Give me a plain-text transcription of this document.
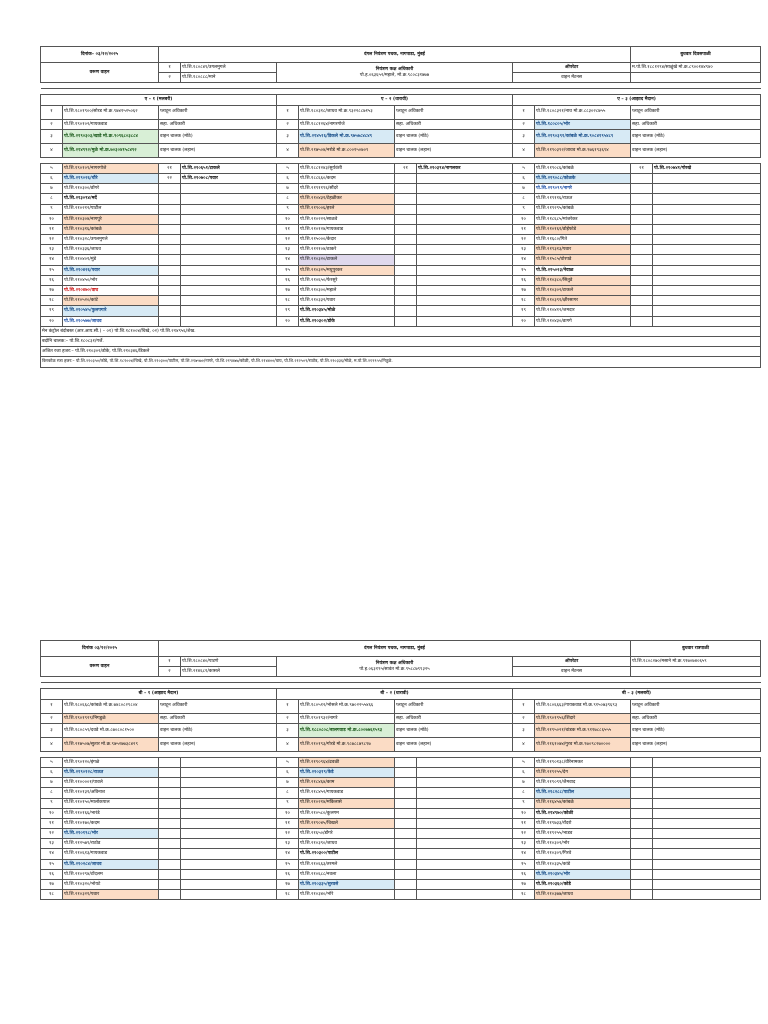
दिनांक– ०३/१२/२०२५		दंगल नियंत्रण पथक, नागपाडा, मुंबई								बुधवार दिवसपाळी	
वरूण वाहन		१	पो.शि.१८०८४९/उगलमुगले	नियंत्रण कक्ष अधिकारी
पो.ह.०६३६५२/महाले, मो.क्र.९८०८३१७७७				ऑपरेटर		म.पो.शि.१८८१२९४/साळुंखे मो.क्र.८९००१४४९४०	
		२	पो.शि.१८०८८८/माने					वाहन मेंटनस			

ए – १ (मलबरी)				ए – २ (धारावी)				ए – ३ (आझाद मैदान)			
१	पो.शि.१८०१९००/सोरड मो.क्र.९७४१५२५०६२	प्लाटून अधिकारी		१	पो.शि.१८०३१८/जाधव मो.क्र.९३२२८८७१५३	प्लाटून अधिकारी		१	पो.शि.१८०८३२१/नाथ मो.क्र.८८३०२८७५५	प्लाटून अधिकारी	
२	पो.शि.१९०१०२/गायकवाड	सहा. अधिकारी		२	पो.शि.१८८१२६४/नागरगोजे	सहा. अधिकारी		२	पो.शि.१८०८०५/भोर	सहा. अधिकारी	
३	पो.शि.२१९०३०३/खाडे मो.क्र.९०९६८०३८८४	वाहन चालक (मोठे)		३	पो.शि.२१४५१६/डिकले मो.क्र.९७५७८४८४९	वाहन चालक (मोठे)		३	पो.शि.२१९०३९१/कांबळे मो.क्र.९०८४१९५४८९	वाहन चालक (मोठे)	
४	पो.शि.२१४९९२/मुळे मो.क्र.७०३०४१५८४९२	वाहन चालक (लहान)		४	पो.शि.२१७५०४/नरोडे मो.क्र.८००१५०७०९	वाहन चालक (लहान)		४	पो.शि.२१९०३९२/जाधव मो.क्र.९७६१९३६९४	वाहन चालक (लहान)	

५	पो.शि.१९०१०९/नागरगोजे	२१	पो.शि.२१०६५१/टाकले	५	पो.शि.१८८१२४३/सुर्यवंशी	२१	पो.शि.२१०३९४/नागलकर	५	पो.शि.२१९०८६/कांबळे	२१	पो.शि.२१०७४१/गोरखे
६	पो.शि.२१९०२६/चौरे	२२	पो.शि.२१०७०८/पवार	६	पो.शि.१८८६६०/कदम			६	पो.शि.२१९०८८/कोळके		
७	पो.शि.२१०३००/डोंगरे			७	पो.शि.२१९११९६/सौंदरे			७	पो.शि.२१९०९९/नागरे		
८	पो.शि.२१३०९४/मर्दे			८	पो.शि.२१०४३१/टेहळीकर			८	पो.शि.२१९११६/राऊत		
९	पो.शि.२१०२१२/पाटील			९	पो.शि.२१९००६/हरले			९	पो.शि.२१९२९५/कांबळे		
१०	पो.शि.२१०३०४/नागपुरे			१०	पो.शि.२१०२२२/साळवे			१०	पो.शि.२१८६८५/मांजरेकर		
११	पो.शि.२१०३१६/कांबळे			११	पो.शि.२१०१२४/गायकवाड			११	पो.शि.२१०१६१/डोईफोडे		
१२	पो.शि.२१०३२८/उगलमुगले			१२	पो.शि.२१५०००/केदार			१२	पो.शि.२१६८०/गिते		
१३	पो.शि.२१०३३६/जाधव			१३	पो.शि.२१२१०४/ठाकरे			१३	पो.शि.२१९३१३/पवार		
१४	पो.शि.२१०४०१/मुंडे			१४	पो.शि.२१०३२०/टाकले			१४	पो.शि.२१५८५/घोरपडे		
१५	पो.शि.२१०४२६/पवार			१५	पो.शि.२१०३२५/मधुपुरकर			१५	पो.शि.२१५०२३/नेवाळ		
१६	पो.शि.२१०४५०/भोर			१६	पो.शि.२१०६५०/फेरसुरे			१६	पो.शि.२१०३८०/सितुडे		
१७	पो.शि.२१०४७०/वाघ			१७	पो.शि.२१०३००/महाले			१७	पो.शि.२१०३०२/टाकले		
१८	पो.शि.२१०५२०/कांटे			१८	पो.शि.२१०३३२/पवार			१८	पो.शि.२१०३९१/क्षीरसागर		
१९	पो.शि.२१०५४५/फुलपगारे			१९	पो.शि.२१०३४५/मोळे			१९	पो.शि.२१०४१२/जमदार		
२०	पो.शि.२१०५७७/जाधव			२०	पो.शि.२१०३०२/डोके			२०	पो.शि.२१०४३०/डागगे		
मेन कंट्रोल बंदोबस्त (आर.आय.सी.) – ०१) पो.शि.१८१००४/चिखे, ०२) पो.शि.२१४९५६/शेख.											
बदोनि चालक:– पो.शि.१८०८३१/गर्जे.											
अजित रजा हजर:– पो.शि.२१०३०२/डोके, पो.शि.२१०३४६/डिकले											
किरकोळ रजा हजर:– पो.शि.२१०३५०/कोडे, पो.शि.१८१००४/चिखे, पो.शि.२१०३००/पाटील, पो.शि.२१७५७०/नागरे, पो.शि.२१९४७७/कोळी, पो.शि.२१४४००/वाघ, पो.शि.२१२५०९/राठोड, पो.शि.२१०३३६/मोळे, म.पो.शि.२१९९५५/नितुळे.											
दिनांक ०३/१२/२०२५		दंगल नियंत्रण पथक, नागपाडा, मुंबई								बुधवार रात्रपाळी	
वरूण वाहन		१	पो.शि.१८०८४०/पाटणे	नियंत्रण कक्ष अधिकारी
पो.ह.०६३१९५/सावंत मो.क्र.९५८८७९९३२५				ऑपरेटर		पो.शि.१८०८२७०/मसाने मो.क्र.९१७०७४०६५९	
		२	पो.शि.२१४६८१/कासले					वाहन मेंटनस			

बी – १ (आझाद मैदान)				बी – २ (धारावी)				बी – ३ (मलबरी)			
१	पो.शि.१८०६६८/कांबळे मो.क्र.७४८०८२९८०४	प्लाटून अधिकारी		१	पो.शि.१८०५१२/भोसले मो.क्र.९७०२२५५४६६	प्लाटून अधिकारी		१	पो.शि.१८०६६६३/गायकवाड मो.क्र.९१५०७३९६९३	प्लाटून अधिकारी	
२	पो.शि.१९०१९२९/निगडुळे	सहा. अधिकारी		२	पो.शि.१९०१९३२/नागरे	सहा. अधिकारी		२	पो.शि.१९०१९५६/शिंदारे	सहा. अधिकारी	
३	पो.शि.१८०८५९/दवडे मो.क्र.८७०८०८१५००	वाहन चालक (मोठे)		३	पो.शि.१८८०८०८/बालगवाड मो.क्र.८००७७६१५९३	वाहन चालक (मोठे)		३	पो.शि.२१९५०२१/चांडक मो.क्र.९११७८८६५५५	वाहन चालक (मोठे)	
४	पो.शि.२१७५०७/सुतार मो.क्र.९७५२७७३८४२९	वाहन चालक (लहान)		४	पो.शि.२१०१९३/गोरडे मो.क्र.९८७८८७९८९७	वाहन चालक (लहान)		४	पो.शि.२१६१०७४/गुरव मो.क्र.९७०९८२७००००	वाहन चालक (लहान)	

५	पो.शि.१९०१२०/इंगळे			५	पो.शि.२१९०९६४/ढवळी			५	पो.शि.२१९०१३८/वीरेनामकर		
६	पो.शि.२१९०१२८/राऊत			६	पो.शि.२१०३१९/केडे			६	पो.शि.२१९२५५/देग		
७	पो.शि.२१००००१/पावले			७	पो.शि.२१८४६४/काम			७	पो.शि.२१९०९१/जैमवाद		
८	पो.शि.२१०१३१/अविनाश			८	पो.शि.२१८४५२/गायकवाड			८	पो.शि.२१८२८८/पाटील		
९	पो.शि.२१०१५०/मालोकपाल			९	पो.शि.२१०२१४/मकिलासे			९	पो.शि.२१६४५४/कांबळे		
१०	पो.शि.२१०१६६/भारंडे			१०	पो.शि.२१०५८०/कुलगम			१०	पो.शि.२१४९७०/कोळी		
११	पो.शि.२१०१७०/कदम			११	पो.शि.२१९०४५/चिखले			११	पो.शि.२१९७३३/रोंदरो		
१२	पो.शि.२१०१९८/भोर			१२	पो.शि.२१६५०/डोंगरे			१२	पो.शि.२१९२५५/भाडव		
१३	पो.शि.२१२५७९/राठोड			१३	पो.शि.२१०३९०/जाधव			१३	पो.शि.२१०३०२/भोर		
१४	पो.शि.२१०६१३/गायकवाड			१४	पो.शि.२१०३००/पाटील			१४	पो.शि.२१०३०९/गिरवे		
१५	पो.शि.२१०२८४/जाधव			१५	पो.शि.२१०६६३/तरमले			१५	पो.शि.२१०३३५/कांडे		
१६	पो.शि.२१०२९४/टोंदलम			१६	पो.शि.२१०६८८/नवला			१६	पो.शि.२१०३४५/भोर		
१७	पो.शि.२१०३२०/भोयटे			१७	पो.शि.२१०३३५/सुरवसे			१७	पो.शि.२१०३६०/कोडे		
१८	पो.शि.२१०३२१/पवार			१८	पो.शि.२१०३४०/भोरे			१८	पो.शि.२१०३७७/जाधव		
